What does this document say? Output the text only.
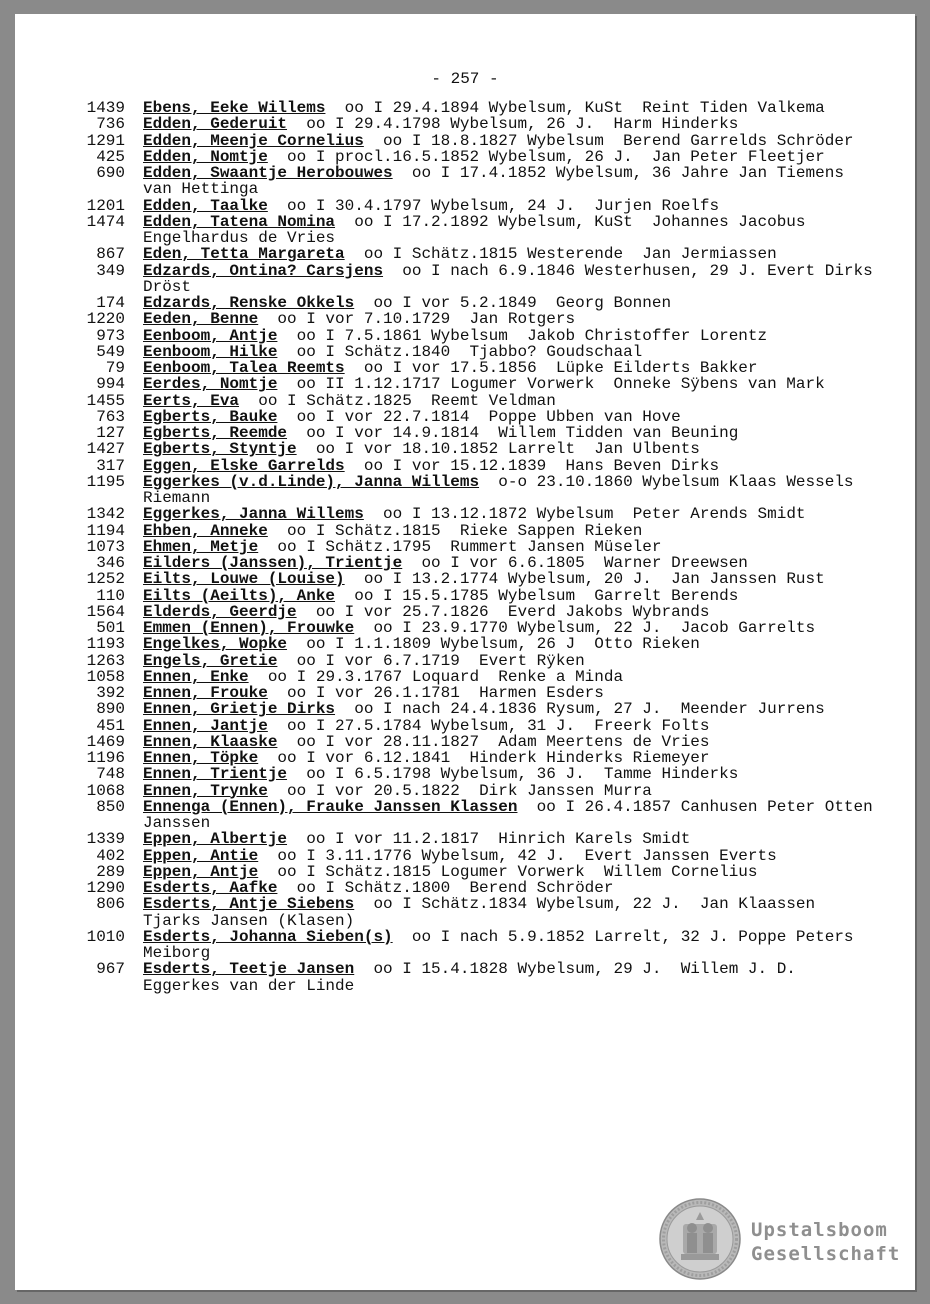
- 257 -
1439	Ebens, Eeke Willems  oo I 29.4.1894 Wybelsum, KuSt  Reint Tiden Valkema
736	Edden, Gederuit  oo I 29.4.1798 Wybelsum, 26 J.  Harm Hinderks
1291	Edden, Meenje Cornelius  oo I 18.8.1827 Wybelsum  Berend Garrelds Schröder
425	Edden, Nomtje  oo I procl.16.5.1852 Wybelsum, 26 J.  Jan Peter Fleetjer
690	Edden, Swaantje Herobouwes  oo I 17.4.1852 Wybelsum, 36 Jahre Jan Tiemens van Hettinga
1201	Edden, Taalke  oo I 30.4.1797 Wybelsum, 24 J.  Jurjen Roelfs
1474	Edden, Tatena Nomina  oo I 17.2.1892 Wybelsum, KuSt  Johannes Jacobus Engelhardus de Vries
867	Eden, Tetta Margareta  oo I Schätz.1815 Westerende  Jan Jermiassen
349	Edzards, Ontina? Carsjens  oo I nach 6.9.1846 Westerhusen, 29 J. Evert Dirks Dröst
174	Edzards, Renske Okkels  oo I vor 5.2.1849  Georg Bonnen
1220	Eeden, Benne  oo I vor 7.10.1729  Jan Rotgers
973	Eenboom, Antje  oo I 7.5.1861 Wybelsum  Jakob Christoffer Lorentz
549	Eenboom, Hilke  oo I Schätz.1840  Tjabbo? Goudschaal
79	Eenboom, Talea Reemts  oo I vor 17.5.1856  Lüpke Eilderts Bakker
994	Eerdes, Nomtje  oo II 1.12.1717 Logumer Vorwerk  Onneke Sÿbens van Mark
1455	Eerts, Eva  oo I Schätz.1825  Reemt Veldman
763	Egberts, Bauke  oo I vor 22.7.1814  Poppe Ubben van Hove
127	Egberts, Reemde  oo I vor 14.9.1814  Willem Tidden van Beuning
1427	Egberts, Styntje  oo I vor 18.10.1852 Larrelt  Jan Ulbents
317	Eggen, Elske Garrelds  oo I vor 15.12.1839  Hans Beven Dirks
1195	Eggerkes (v.d.Linde), Janna Willems  o-o 23.10.1860 Wybelsum Klaas Wessels Riemann
1342	Eggerkes, Janna Willems  oo I 13.12.1872 Wybelsum  Peter Arends Smidt
1194	Ehben, Anneke  oo I Schätz.1815  Rieke Sappen Rieken
1073	Ehmen, Metje  oo I Schätz.1795  Rummert Jansen Müseler
346	Eilders (Janssen), Trientje  oo I vor 6.6.1805  Warner Dreewsen
1252	Eilts, Louwe (Louise)  oo I 13.2.1774 Wybelsum, 20 J.  Jan Janssen Rust
110	Eilts (Aeilts), Anke  oo I 15.5.1785 Wybelsum  Garrelt Berends
1564	Elderds, Geerdje  oo I vor 25.7.1826  Everd Jakobs Wybrands
501	Emmen (Ennen), Frouwke  oo I 23.9.1770 Wybelsum, 22 J.  Jacob Garrelts
1193	Engelkes, Wopke  oo I 1.1.1809 Wybelsum, 26 J  Otto Rieken
1263	Engels, Gretie  oo I vor 6.7.1719  Evert Rÿken
1058	Ennen, Enke  oo I 29.3.1767 Loquard  Renke a Minda
392	Ennen, Frouke  oo I vor 26.1.1781  Harmen Esders
890	Ennen, Grietje Dirks  oo I nach 24.4.1836 Rysum, 27 J.  Meender Jurrens
451	Ennen, Jantje  oo I 27.5.1784 Wybelsum, 31 J.  Freerk Folts
1469	Ennen, Klaaske  oo I vor 28.11.1827  Adam Meertens de Vries
1196	Ennen, Töpke  oo I vor 6.12.1841  Hinderk Hinderks Riemeyer
748	Ennen, Trientje  oo I 6.5.1798 Wybelsum, 36 J.  Tamme Hinderks
1068	Ennen, Trynke  oo I vor 20.5.1822  Dirk Janssen Murra
850	Ennenga (Ennen), Frauke Janssen Klassen  oo I 26.4.1857 Canhusen Peter Otten Janssen
1339	Eppen, Albertje  oo I vor 11.2.1817  Hinrich Karels Smidt
402	Eppen, Antie  oo I 3.11.1776 Wybelsum, 42 J.  Evert Janssen Everts
289	Eppen, Antje  oo I Schätz.1815 Logumer Vorwerk  Willem Cornelius
1290	Esderts, Aafke  oo I Schätz.1800  Berend Schröder
806	Esderts, Antje Siebens  oo I Schätz.1834 Wybelsum, 22 J.  Jan Klaassen Tjarks Jansen (Klasen)
1010	Esderts, Johanna Sieben(s)  oo I nach 5.9.1852 Larrelt, 32 J. Poppe Peters Meiborg
967	Esderts, Teetje Jansen  oo I 15.4.1828 Wybelsum, 29 J.  Willem J. D. Eggerkes van der Linde
Upstalsboom
Gesellschaft
